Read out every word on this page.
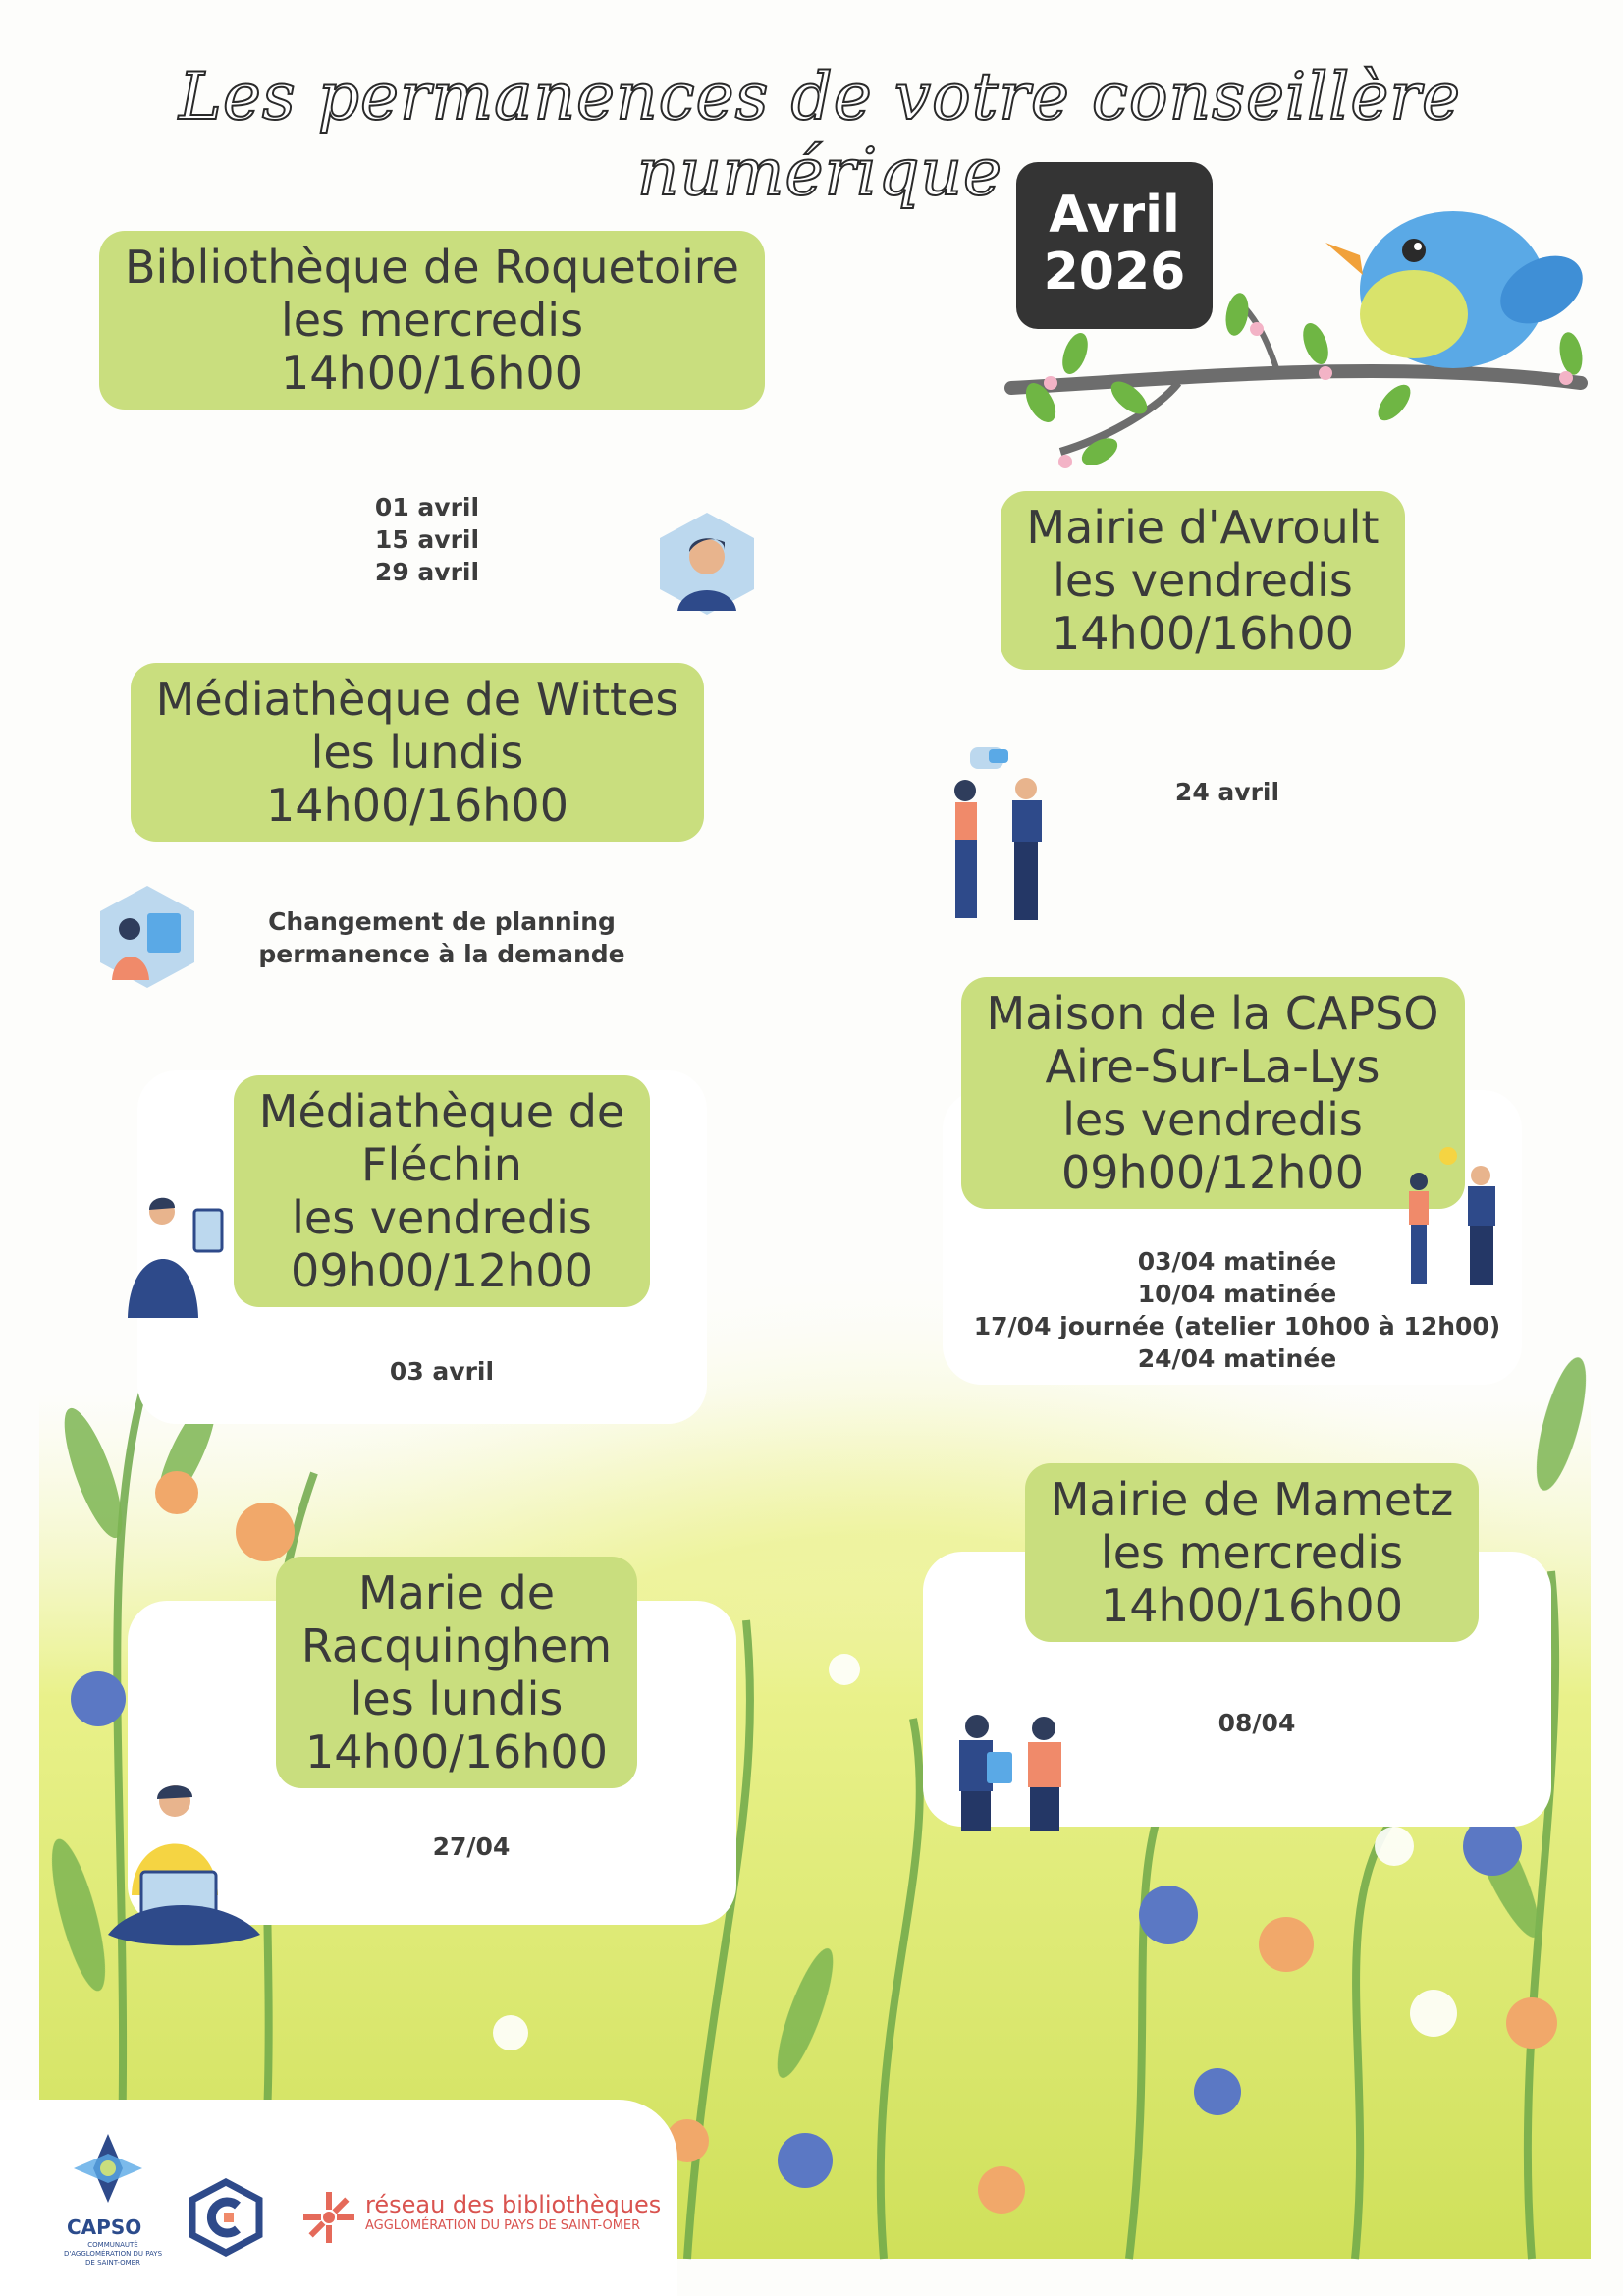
Les permanences de votre conseillère numérique
Avril
2026
Bibliothèque de Roquetoire
les mercredis
14h00/16h00
01 avril
15 avril
29 avril
Mairie d'Avroult
les vendredis
14h00/16h00
24 avril
Médiathèque de Wittes
les lundis
14h00/16h00
Changement de planning
permanence à la demande
Maison de la CAPSO
Aire-Sur-La-Lys
les vendredis
09h00/12h00
03/04 matinée
10/04 matinée
17/04 journée (atelier 10h00 à 12h00)
24/04 matinée
Médiathèque de
Fléchin
les vendredis
09h00/12h00
03 avril
Mairie de Mametz
les mercredis
14h00/16h00
08/04
Marie de
Racquinghem
les lundis
14h00/16h00
27/04
CAPSO
COMMUNAUTÉ D'AGGLOMÉRATION DU PAYS DE SAINT-OMER
réseau des bibliothèques
AGGLOMÉRATION DU PAYS DE SAINT-OMER
